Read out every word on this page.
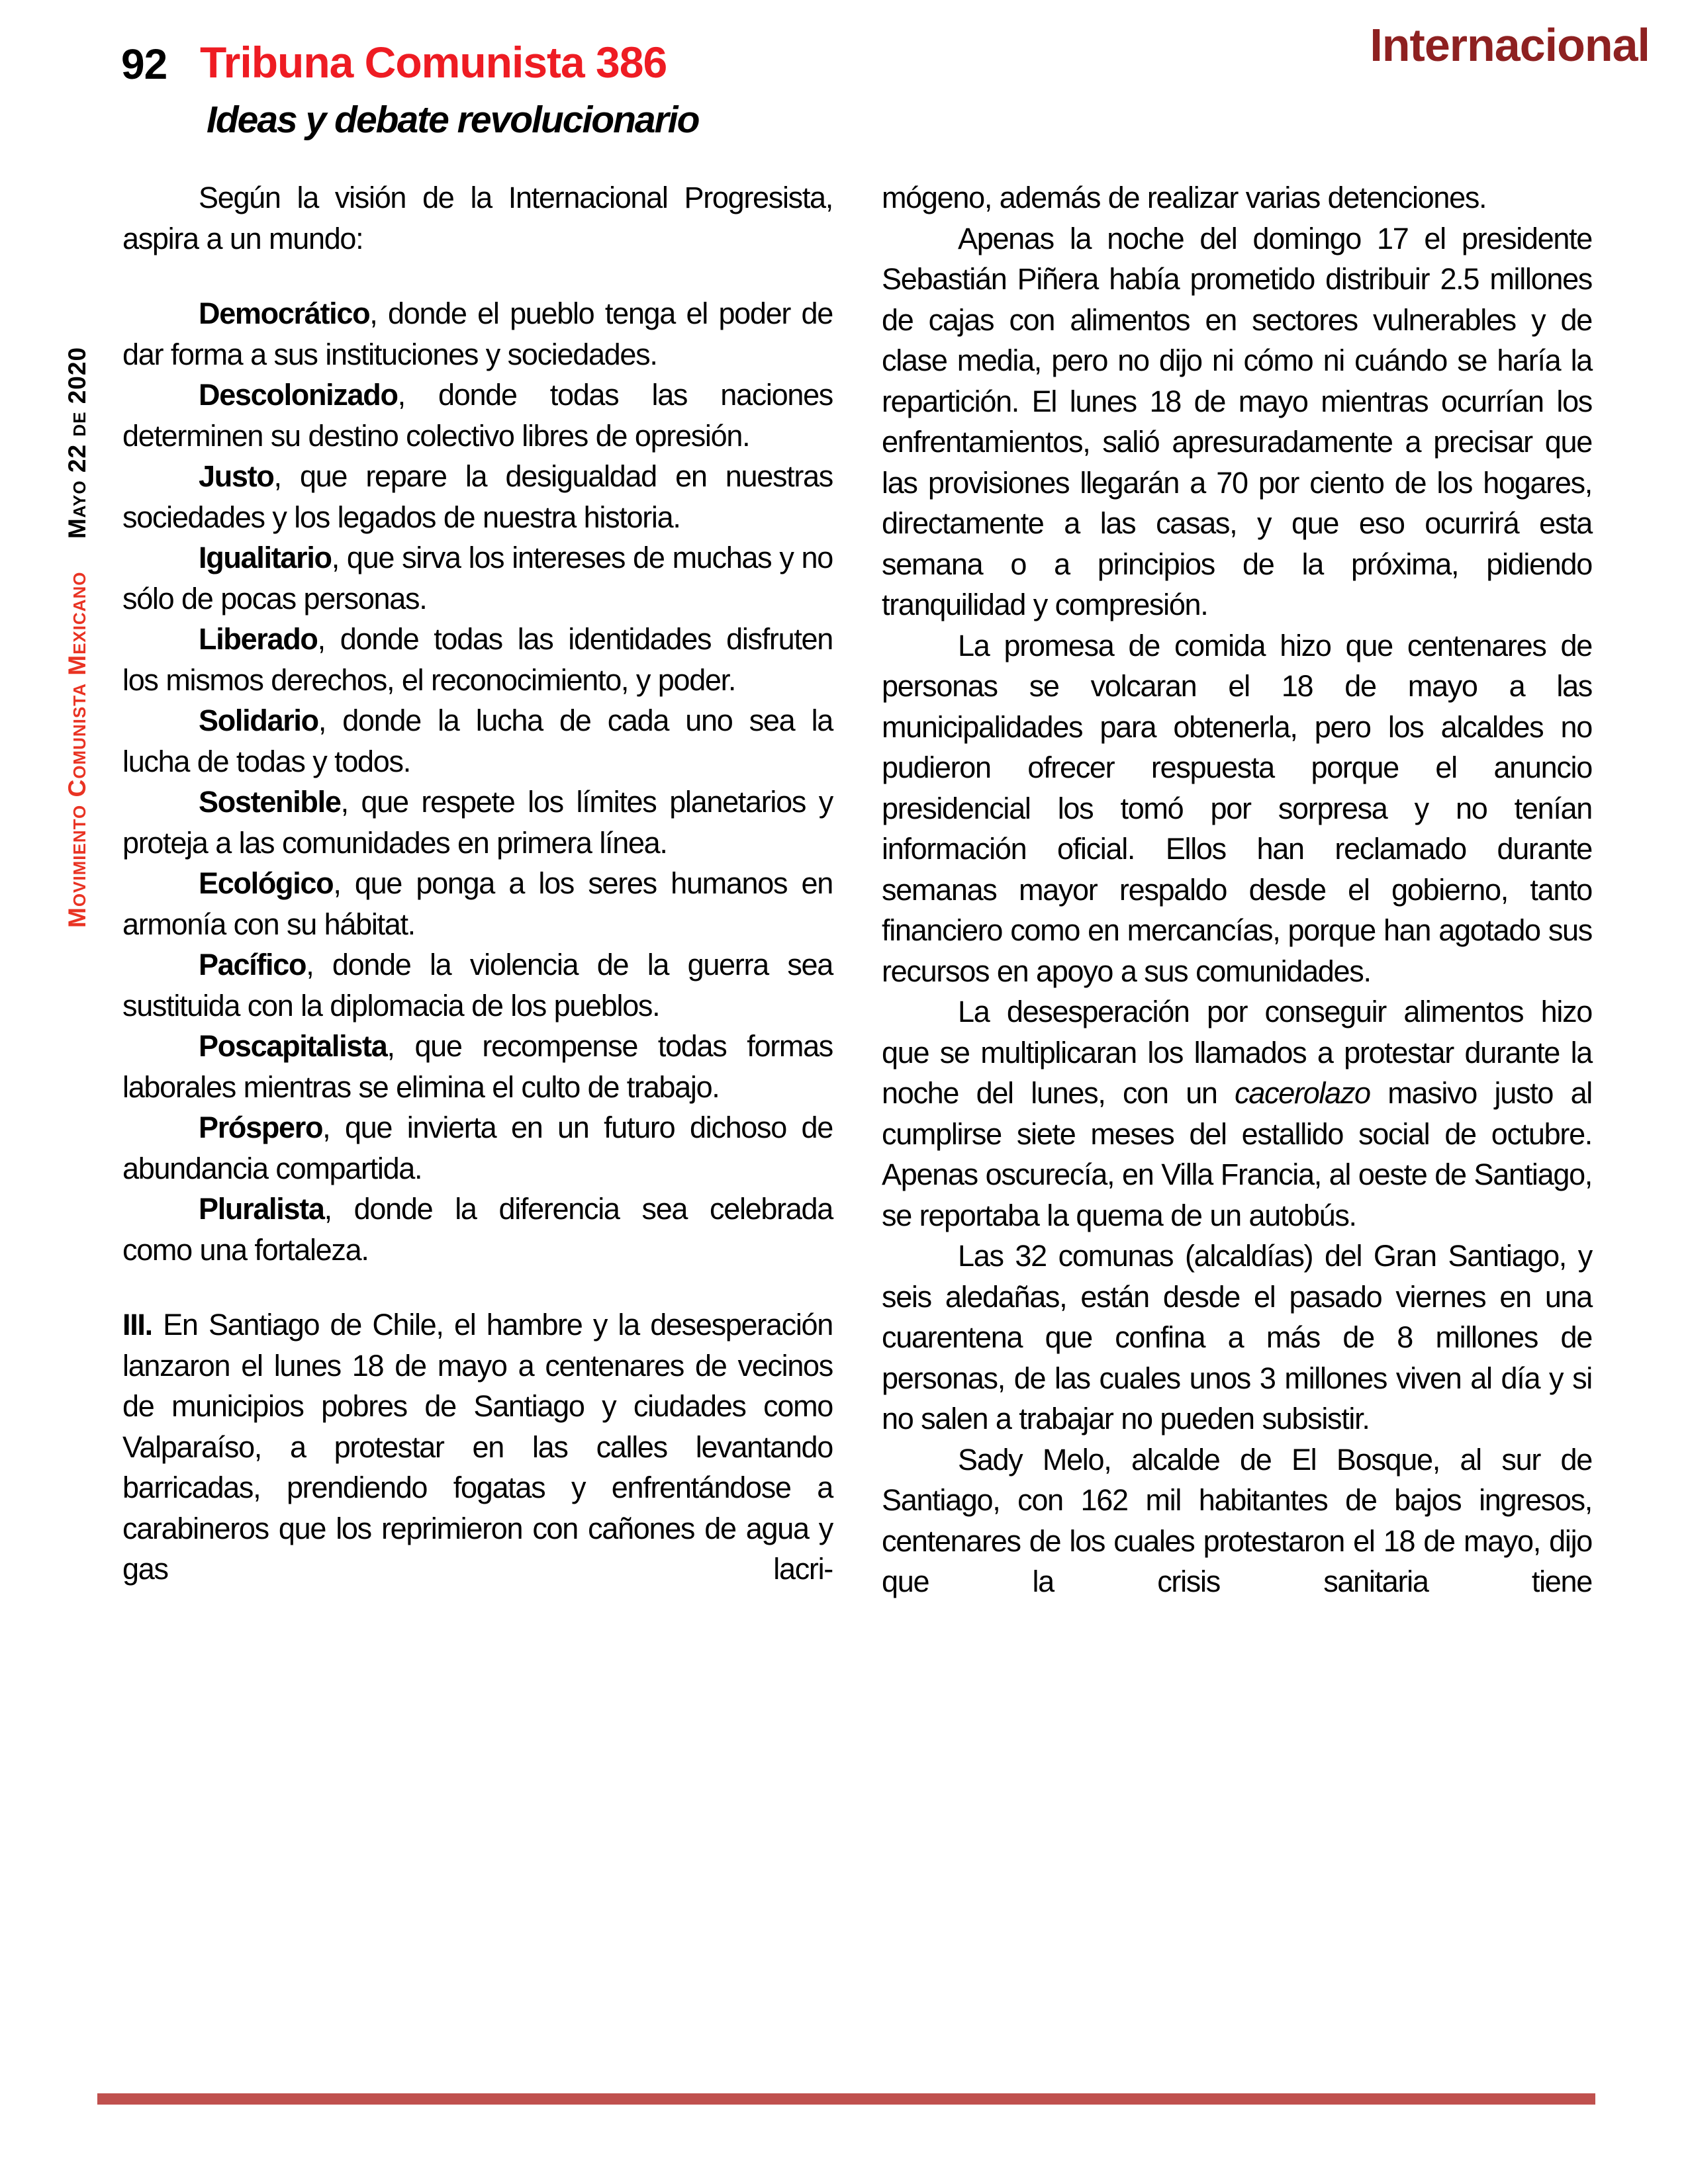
92 Tribuna Comunista 386
Ideas y debate revolucionario
Internacional
Movimiento Comunista Mexicano Mayo 22 de 2020

Según la visión de la Internacional Progresista, aspira a un mundo:

Democrático, donde el pueblo tenga el poder de dar forma a sus instituciones y sociedades.

Descolonizado, donde todas las naciones determinen su destino colectivo libres de opresión.

Justo, que repare la desigualdad en nuestras sociedades y los legados de nuestra historia.

Igualitario, que sirva los intereses de muchas y no sólo de pocas personas.

Liberado, donde todas las identidades disfruten los mismos derechos, el reconocimiento, y poder.

Solidario, donde la lucha de cada uno sea la lucha de todas y todos.

Sostenible, que respete los límites planetarios y proteja a las comunidades en primera línea.

Ecológico, que ponga a los seres humanos en armonía con su hábitat.

Pacífico, donde la violencia de la guerra sea sustituida con la diplomacia de los pueblos.

Poscapitalista, que recompense todas formas laborales mientras se elimina el culto de trabajo.

Próspero, que invierta en un futuro dichoso de abundancia compartida.

Pluralista, donde la diferencia sea celebrada como una fortaleza.

III. En Santiago de Chile, el hambre y la desesperación lanzaron el lunes 18 de mayo a centenares de vecinos de municipios pobres de Santiago y ciudades como Valparaíso, a protestar en las calles levantando barricadas, prendiendo fogatas y enfrentándose a carabineros que los reprimieron con cañones de agua y gas lacri-

mógeno, además de realizar varias detenciones.

Apenas la noche del domingo 17 el presidente Sebastián Piñera había prometido distribuir 2.5 millones de cajas con alimentos en sectores vulnerables y de clase media, pero no dijo ni cómo ni cuándo se haría la repartición. El lunes 18 de mayo mientras ocurrían los enfrentamientos, salió apresuradamente a precisar que las provisiones llegarán a 70 por ciento de los hogares, directamente a las casas, y que eso ocurrirá esta semana o a principios de la próxima, pidiendo tranquilidad y compresión.

La promesa de comida hizo que centenares de personas se volcaran el 18 de mayo a las municipalidades para obtenerla, pero los alcaldes no pudieron ofrecer respuesta porque el anuncio presidencial los tomó por sorpresa y no tenían información oficial. Ellos han reclamado durante semanas mayor respaldo desde el gobierno, tanto financiero como en mercancías, porque han agotado sus recursos en apoyo a sus comunidades.

La desesperación por conseguir alimentos hizo que se multiplicaran los llamados a protestar durante la noche del lunes, con un cacerolazo masivo justo al cumplirse siete meses del estallido social de octubre. Apenas oscurecía, en Villa Francia, al oeste de Santiago, se reportaba la quema de un autobús.

Las 32 comunas (alcaldías) del Gran Santiago, y seis aledañas, están desde el pasado viernes en una cuarentena que confina a más de 8 millones de personas, de las cuales unos 3 millones viven al día y si no salen a trabajar no pueden subsistir.

Sady Melo, alcalde de El Bosque, al sur de Santiago, con 162 mil habitantes de bajos ingresos, centenares de los cuales protestaron el 18 de mayo, dijo que la crisis sanitaria tiene
